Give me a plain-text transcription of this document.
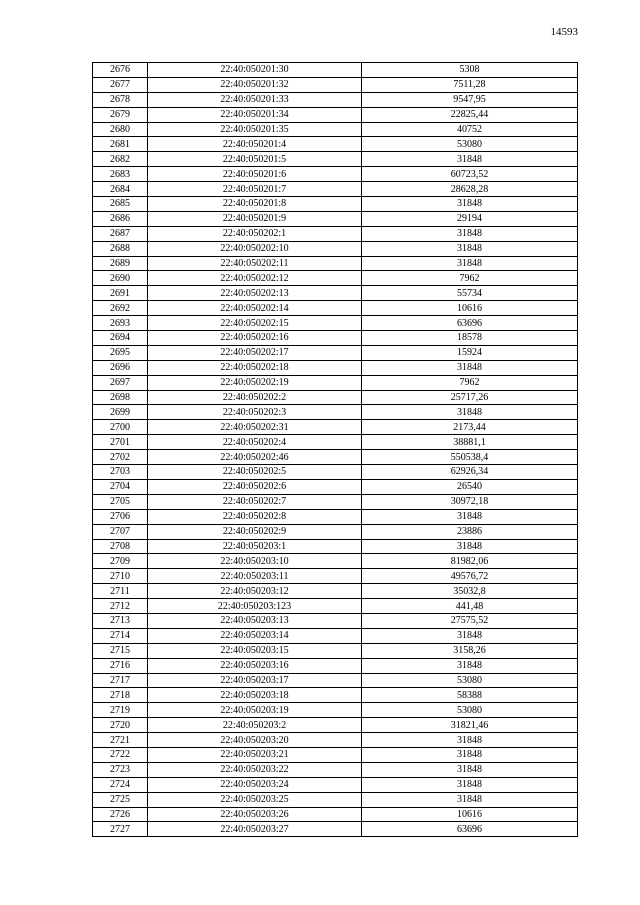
14593
2676	22:40:050201:30	5308
2677	22:40:050201:32	7511,28
2678	22:40:050201:33	9547,95
2679	22:40:050201:34	22825,44
2680	22:40:050201:35	40752
2681	22:40:050201:4	53080
2682	22:40:050201:5	31848
2683	22:40:050201:6	60723,52
2684	22:40:050201:7	28628,28
2685	22:40:050201:8	31848
2686	22:40:050201:9	29194
2687	22:40:050202:1	31848
2688	22:40:050202:10	31848
2689	22:40:050202:11	31848
2690	22:40:050202:12	7962
2691	22:40:050202:13	55734
2692	22:40:050202:14	10616
2693	22:40:050202:15	63696
2694	22:40:050202:16	18578
2695	22:40:050202:17	15924
2696	22:40:050202:18	31848
2697	22:40:050202:19	7962
2698	22:40:050202:2	25717,26
2699	22:40:050202:3	31848
2700	22:40:050202:31	2173,44
2701	22:40:050202:4	38881,1
2702	22:40:050202:46	550538,4
2703	22:40:050202:5	62926,34
2704	22:40:050202:6	26540
2705	22:40:050202:7	30972,18
2706	22:40:050202:8	31848
2707	22:40:050202:9	23886
2708	22:40:050203:1	31848
2709	22:40:050203:10	81982,06
2710	22:40:050203:11	49576,72
2711	22:40:050203:12	35032,8
2712	22:40:050203:123	441,48
2713	22:40:050203:13	27575,52
2714	22:40:050203:14	31848
2715	22:40:050203:15	3158,26
2716	22:40:050203:16	31848
2717	22:40:050203:17	53080
2718	22:40:050203:18	58388
2719	22:40:050203:19	53080
2720	22:40:050203:2	31821,46
2721	22:40:050203:20	31848
2722	22:40:050203:21	31848
2723	22:40:050203:22	31848
2724	22:40:050203:24	31848
2725	22:40:050203:25	31848
2726	22:40:050203:26	10616
2727	22:40:050203:27	63696
